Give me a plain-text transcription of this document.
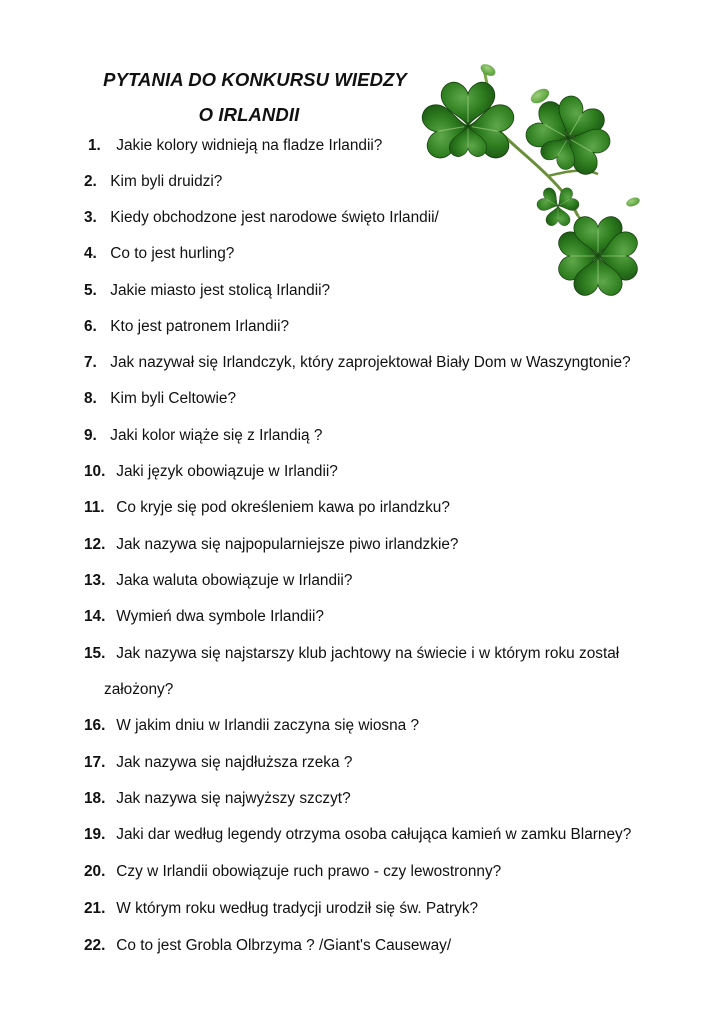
PYTANIA DO KONKURSU WIEDZY
O IRLANDII
1. Jakie kolory widnieją na fladze Irlandii?
2. Kim byli druidzi?
3. Kiedy obchodzone jest narodowe święto Irlandii/
4. Co to jest hurling?
5. Jakie miasto jest stolicą Irlandii?
6. Kto jest patronem Irlandii?
7. Jak nazywał się Irlandczyk, który zaprojektował Biały Dom w Waszyngtonie?
8. Kim byli Celtowie?
9. Jaki kolor wiąże się z Irlandią ?
10. Jaki język obowiązuje w Irlandii?
11. Co kryje się pod określeniem kawa po irlandzku?
12. Jak nazywa się najpopularniejsze piwo irlandzkie?
13. Jaka waluta obowiązuje w Irlandii?
14. Wymień dwa symbole Irlandii?
15. Jak nazywa się najstarszy klub jachtowy na świecie i w którym roku został
założony?
16. W jakim dniu w Irlandii zaczyna się wiosna ?
17. Jak nazywa się najdłuższa rzeka ?
18. Jak nazywa się najwyższy szczyt?
19. Jaki dar według legendy otrzyma osoba całująca kamień w zamku Blarney?
20. Czy w Irlandii obowiązuje ruch prawo - czy lewostronny?
21. W którym roku według tradycji urodził się św. Patryk?
22. Co to jest Grobla Olbrzyma ? /Giant's Causeway/
